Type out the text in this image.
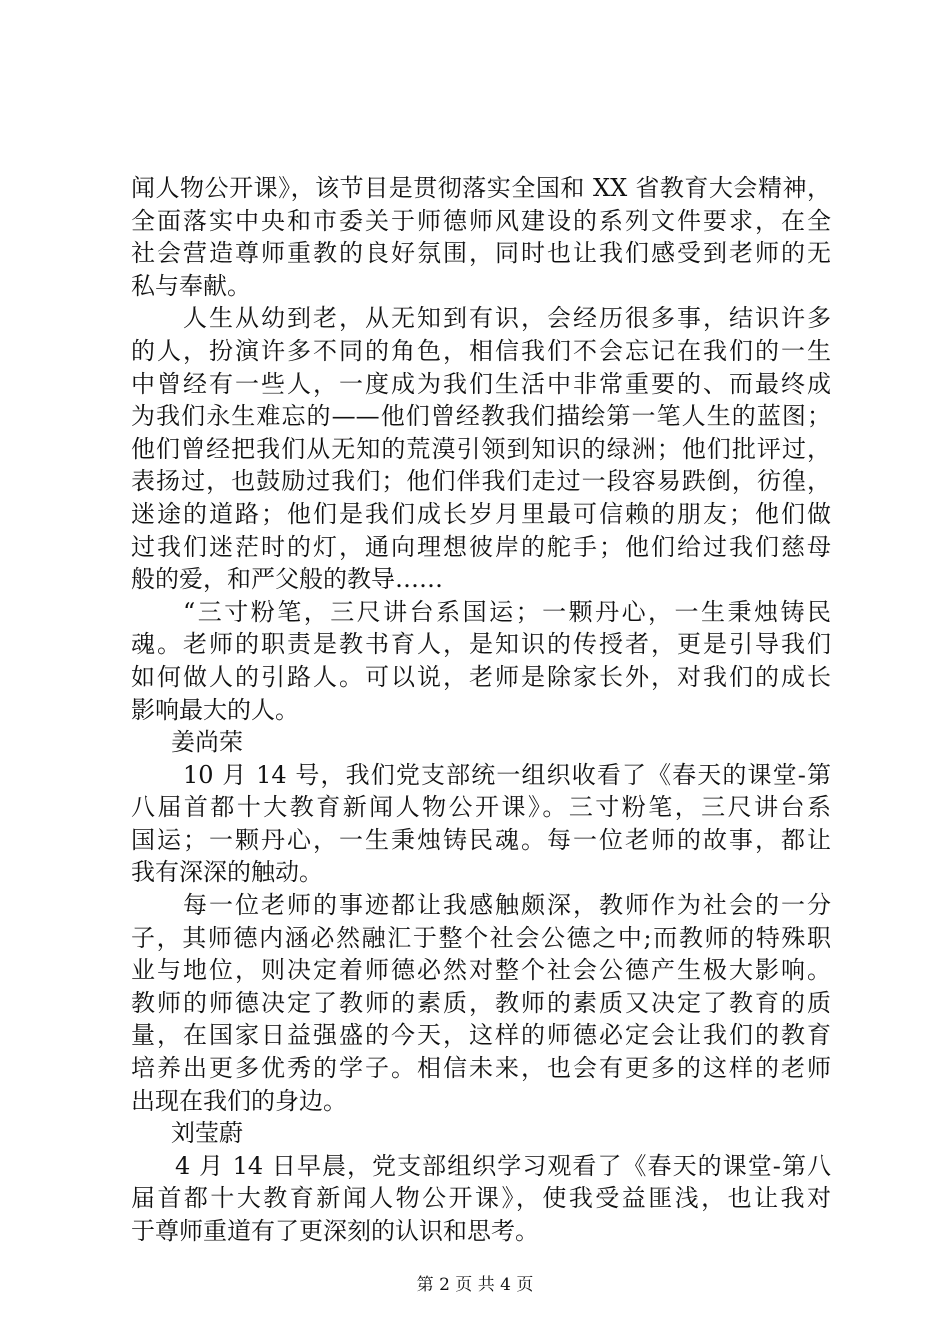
闻人物公开课》，该节目是贯彻落实全国和 XX 省教育大会精神，
全面落实中央和市委关于师德师风建设的系列文件要求，在全
社会营造尊师重教的良好氛围，同时也让我们感受到老师的无
私与奉献。
人生从幼到老，从无知到有识，会经历很多事，结识许多
的人，扮演许多不同的角色，相信我们不会忘记在我们的一生
中曾经有一些人，一度成为我们生活中非常重要的、而最终成
为我们永生难忘的——他们曾经教我们描绘第一笔人生的蓝图；
他们曾经把我们从无知的荒漠引领到知识的绿洲；他们批评过，
表扬过，也鼓励过我们；他们伴我们走过一段容易跌倒，彷徨，
迷途的道路；他们是我们成长岁月里最可信赖的朋友；他们做
过我们迷茫时的灯，通向理想彼岸的舵手；他们给过我们慈母
般的爱，和严父般的教导……
“三寸粉笔，三尺讲台系国运；一颗丹心，一生秉烛铸民
魂。老师的职责是教书育人，是知识的传授者，更是引导我们
如何做人的引路人。可以说，老师是除家长外，对我们的成长
影响最大的人。
姜尚荣
10 月 14 号，我们党支部统一组织收看了《春天的课堂-第
八届首都十大教育新闻人物公开课》。三寸粉笔，三尺讲台系
国运；一颗丹心，一生秉烛铸民魂。每一位老师的故事，都让
我有深深的触动。
每一位老师的事迹都让我感触颇深，教师作为社会的一分
子，其师德内涵必然融汇于整个社会公德之中;而教师的特殊职
业与地位，则决定着师德必然对整个社会公德产生极大影响。
教师的师德决定了教师的素质，教师的素质又决定了教育的质
量，在国家日益强盛的今天，这样的师德必定会让我们的教育
培养出更多优秀的学子。相信未来，也会有更多的这样的老师
出现在我们的身边。
刘莹蔚
4 月 14 日早晨，党支部组织学习观看了《春天的课堂-第八
届首都十大教育新闻人物公开课》，使我受益匪浅，也让我对
于尊师重道有了更深刻的认识和思考。
第 2 页 共 4 页
